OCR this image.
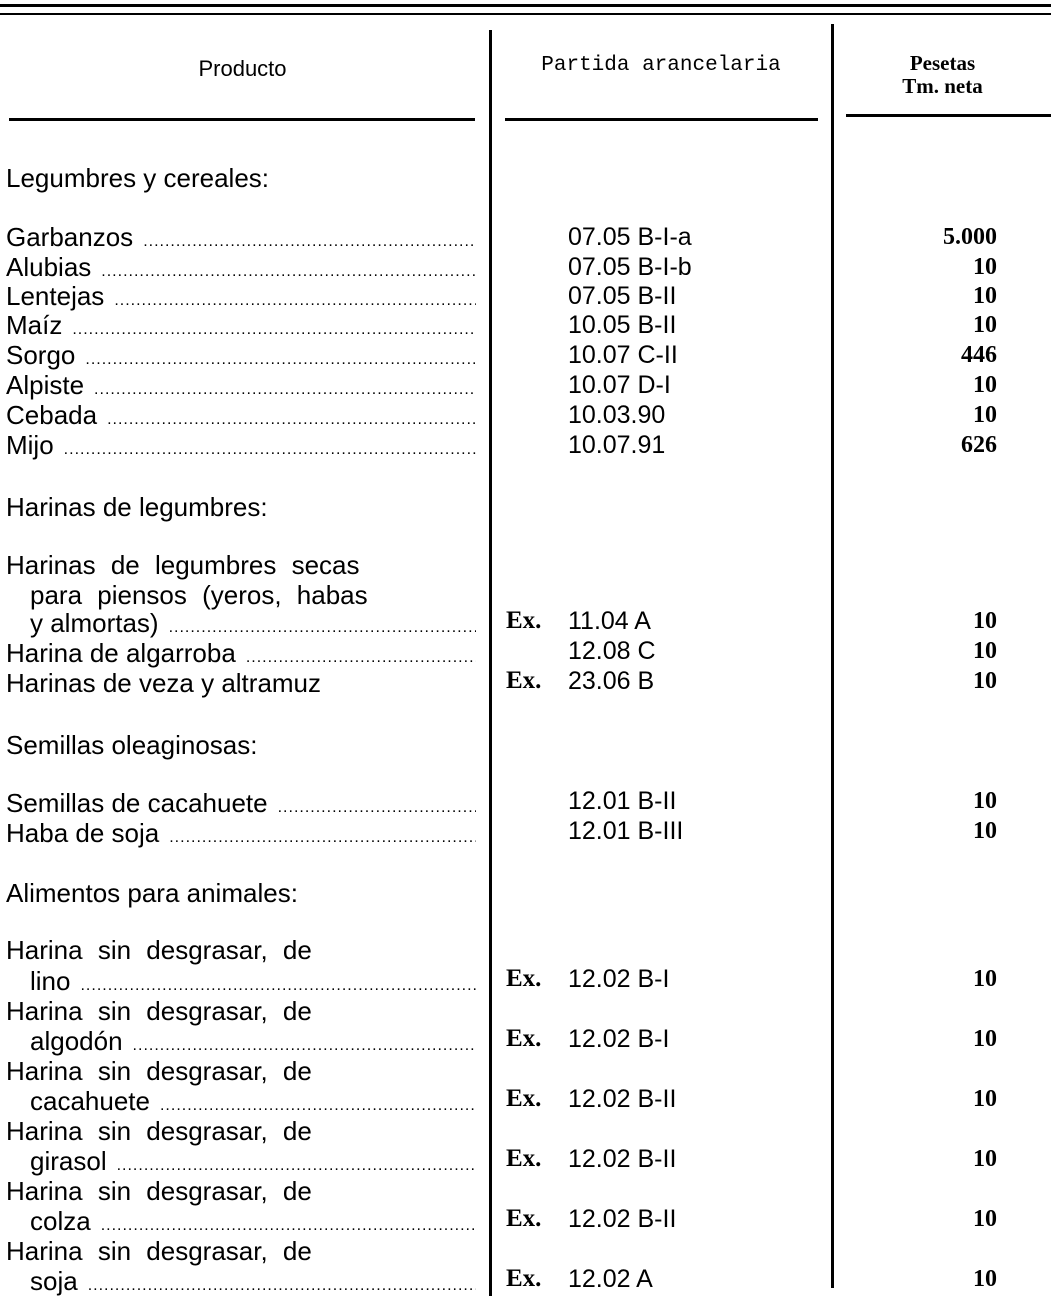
Producto	Partida arancelaria	Pesetas
Tm. neta
Legumbres y cereales:
Garbanzos .....	07.05 B-I-a	5.000
Alubias .....	07.05 B-I-b	10
Lentejas .....	07.05 B-II	10
Maíz .....	10.05 B-II	10
Sorgo .....	10.07 C-II	446
Alpiste .....	10.07 D-I	10
Cebada .....	10.03.90	10
Mijo .....	10.07.91	626
Harinas de legumbres:
Harinas de legumbres secas
para piensos (yeros, habas
y almortas) .....	Ex. 11.04 A	10
Harina de algarroba .....	12.08 C	10
Harinas de veza y altramuz	Ex. 23.06 B	10
Semillas oleaginosas:
Semillas de cacahuete .....	12.01 B-II	10
Haba de soja .....	12.01 B-III	10
Alimentos para animales:
Harina sin desgrasar, de
lino .....	Ex. 12.02 B-I	10
Harina sin desgrasar, de
algodón .....	Ex. 12.02 B-I	10
Harina sin desgrasar, de
cacahuete .....	Ex. 12.02 B-II	10
Harina sin desgrasar, de
girasol .....	Ex. 12.02 B-II	10
Harina sin desgrasar, de
colza .....	Ex. 12.02 B-II	10
Harina sin desgrasar, de
soja .....	Ex. 12.02 A	10
